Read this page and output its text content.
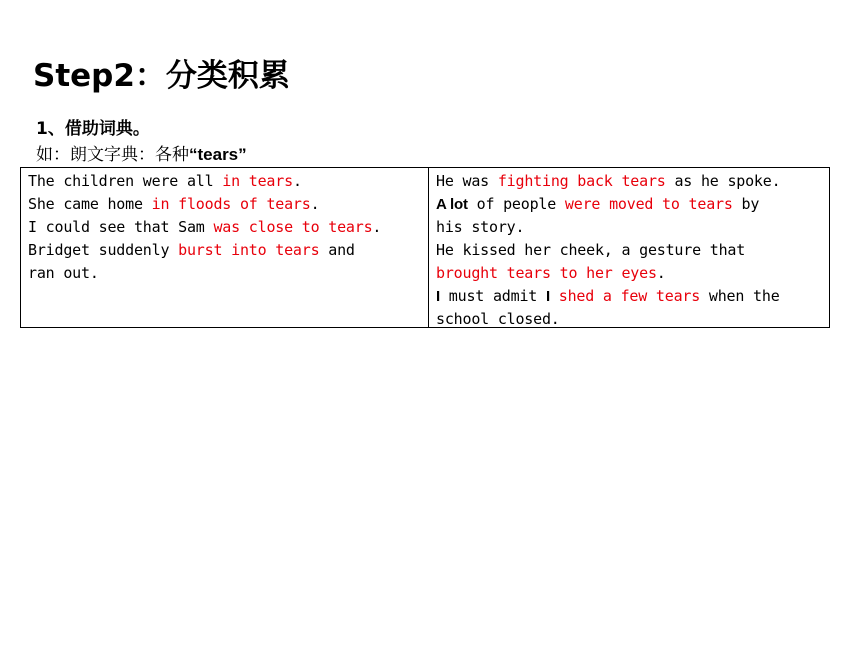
Step2：分类积累
1、借助词典。
如：朗文字典：各种“tears”
The children were all in tears.
She came home in floods of tears.
I could see that Sam was close to tears.
Bridget suddenly burst into tears and
ran out.
He was fighting back tears as he spoke.
A lot of people were moved to tears by
his story.
He kissed her cheek, a gesture that
brought tears to her eyes.
I must admit I shed a few tears when the
school closed.
